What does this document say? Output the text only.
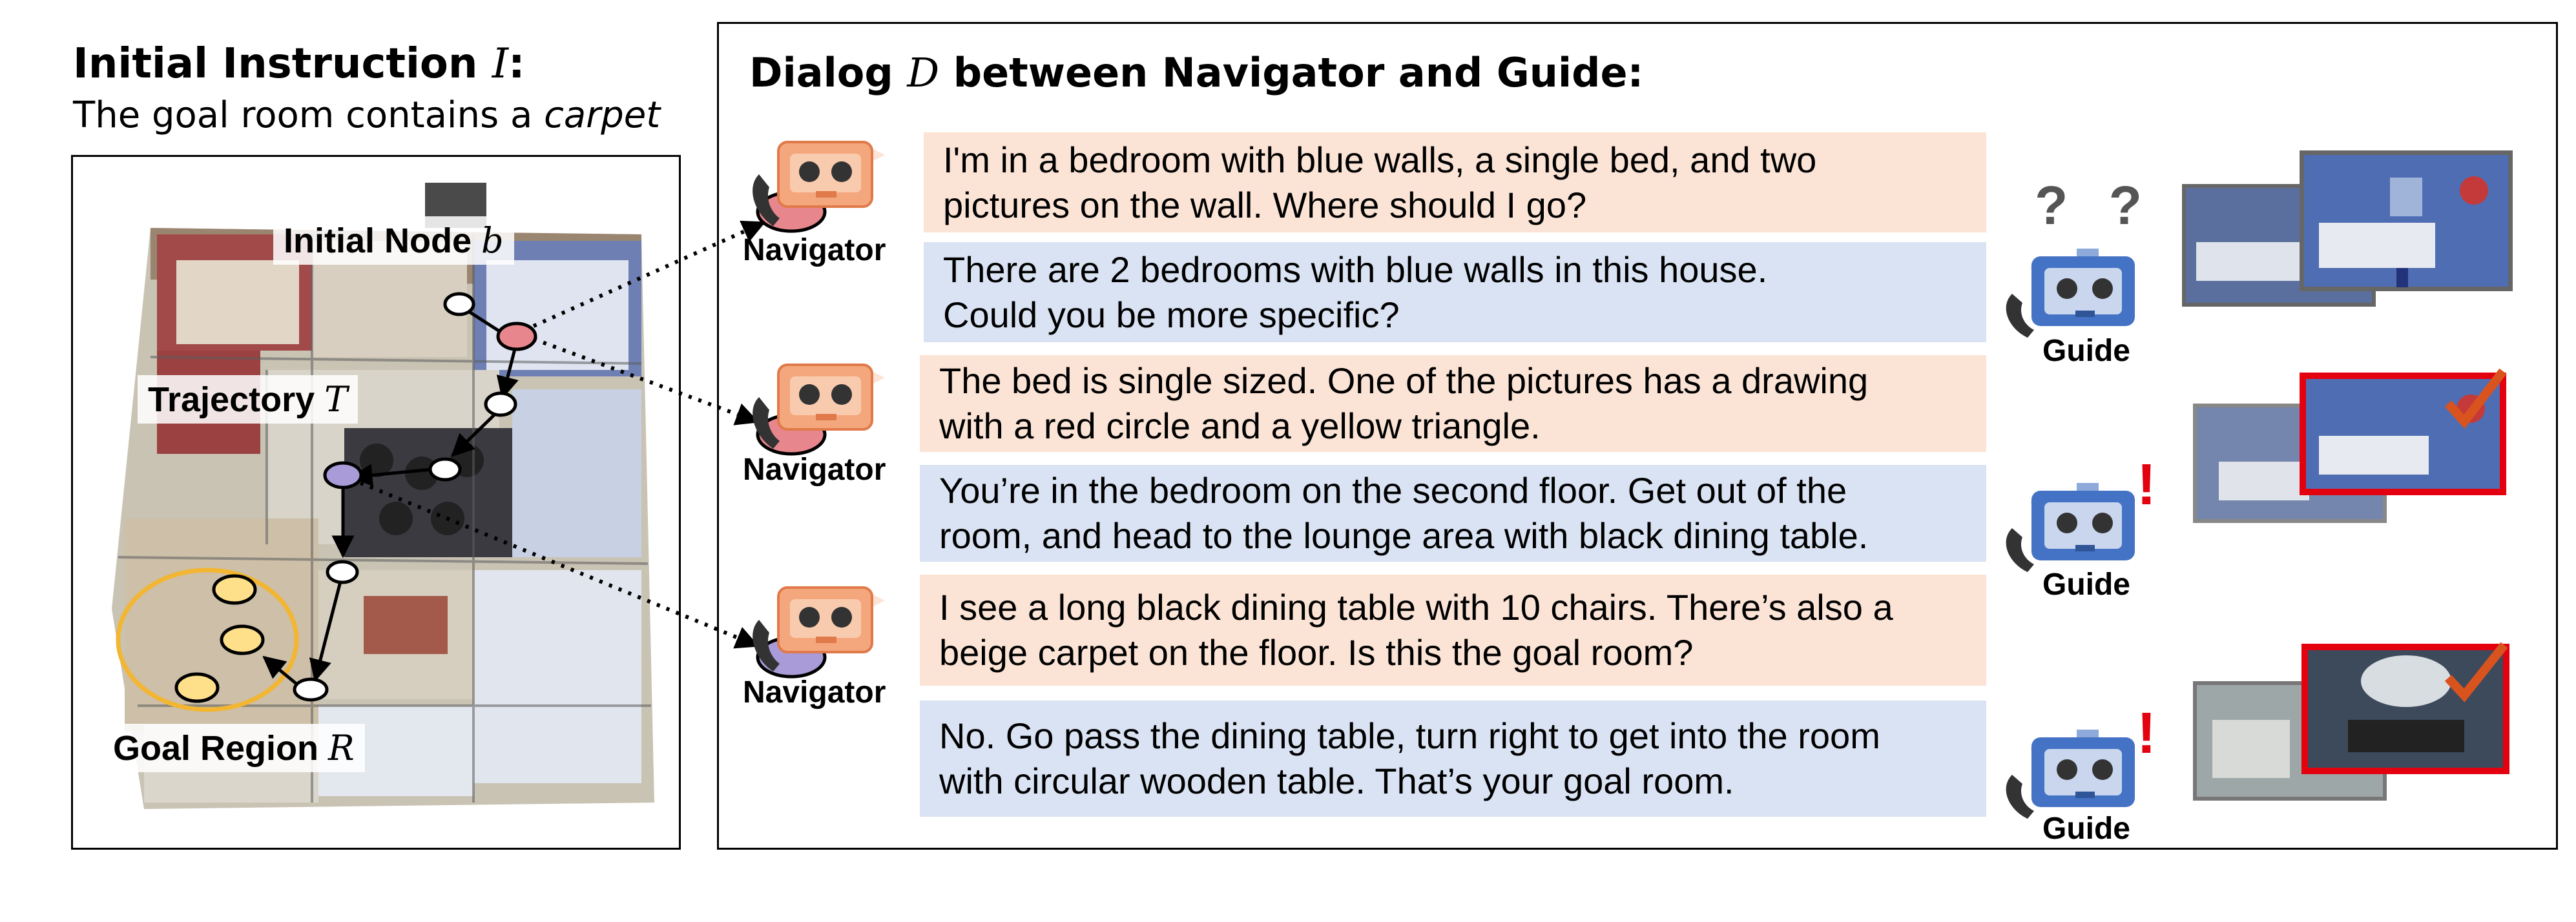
Initial Instruction I:
The goal room contains a carpet
Initial Node b
Trajectory T
Goal Region R
Dialog D between Navigator and Guide:
Navigator
Navigator
Navigator
I'm in a bedroom with blue walls, a single bed, and two
pictures on the wall. Where should I go?
There are 2 bedrooms with blue walls in this house.
Could you be more specific?
The bed is single sized. One of the pictures has a drawing
with a red circle and a yellow triangle.
You’re in the bedroom on the second floor. Get out of the
room, and head to the lounge area with black dining table.
I see a long black dining table with 10 chairs. There’s also a
beige carpet on the floor. Is this the goal room?
No. Go pass the dining table, turn right to get into the room
with circular wooden table. That’s your goal room.
? ?
Guide
!
Guide
!
Guide
